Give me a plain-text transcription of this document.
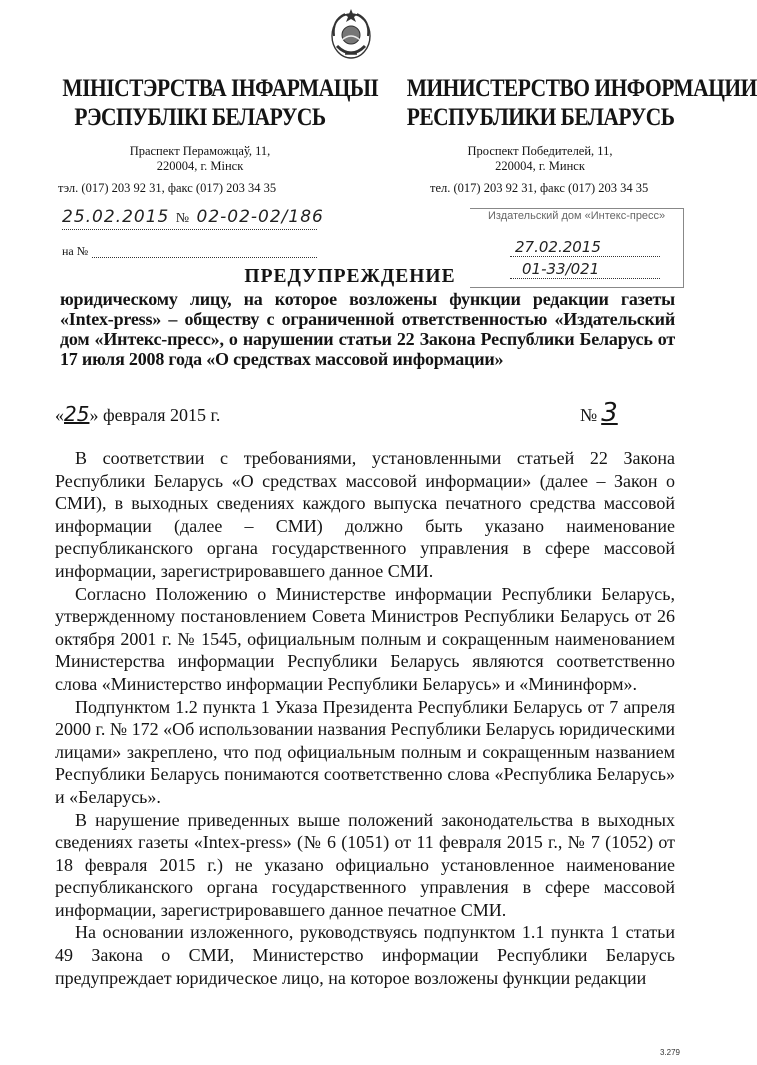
МІНІСТЭРСТВА ІНФАРМАЦЫІ
РЭСПУБЛІКІ БЕЛАРУСЬ
Праспект Пераможцаў, 11,
220004, г. Мінск
МИНИСТЕРСТВО ИНФОРМАЦИИ
РЕСПУБЛИКИ БЕЛАРУСЬ
Проспект Победителей, 11,
220004, г. Минск
тэл. (017) 203 92 31, факс (017) 203 34 35	тел. (017) 203 92 31, факс (017) 203 34 35
25.02.2015 № 02-02-02/186
на №
Издательский дом «Интекс-пресс»
27.02.2015
01-33/021
ПРЕДУПРЕЖДЕНИЕ
юридическому лицу, на которое возложены функции редакции газеты «Intex-press» – обществу с ограниченной ответственностью «Издательский дом «Интекс-пресс», о нарушении статьи 22 Закона Республики Беларусь от 17 июля 2008 года «О средствах массовой информации»
«25» февраля 2015 г.	№ 3

В соответствии с требованиями, установленными статьей 22 Закона Республики Беларусь «О средствах массовой информации» (далее – Закон о СМИ), в выходных сведениях каждого выпуска печатного средства массовой информации (далее – СМИ) должно быть указано наименование республиканского органа государственного управления в сфере массовой информации, зарегистрировавшего данное СМИ.

Согласно Положению о Министерстве информации Республики Беларусь, утвержденному постановлением Совета Министров Республики Беларусь от 26 октября 2001 г. № 1545, официальным полным и сокращенным наименованием Министерства информации Республики Беларусь являются соответственно слова «Министерство информации Республики Беларусь» и «Мининформ».

Подпунктом 1.2 пункта 1 Указа Президента Республики Беларусь от 7 апреля 2000 г. № 172 «Об использовании названия Республики Беларусь юридическими лицами» закреплено, что под официальным полным и сокращенным названием Республики Беларусь понимаются соответственно слова «Республика Беларусь» и «Беларусь».

В нарушение приведенных выше положений законодательства в выходных сведениях газеты «Intex-press» (№ 6 (1051) от 11 февраля 2015 г., № 7 (1052) от 18 февраля 2015 г.) не указано официально установленное наименование республиканского органа государственного управления в сфере массовой информации, зарегистрировавшего данное печатное СМИ.

На основании изложенного, руководствуясь подпунктом 1.1 пункта 1 статьи 49 Закона о СМИ, Министерство информации Республики Беларусь предупреждает юридическое лицо, на которое возложены функции редакции

3.279
